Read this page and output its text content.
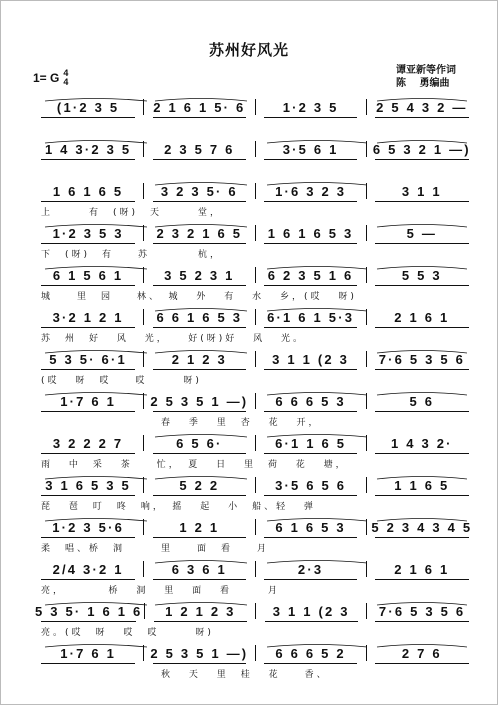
苏州好风光
1= G 4
4
谭亚新等作词
陈　 勇编曲
(1·2 3 5	2 1 6 1 5· 6	1·2 3 5	2 5 4 3 2 —
1 4 3·2 3 5	2 3 5 7 6	3·5 6 1	6 5 3 2 1 —)
1 6 1 6 5	3 2 3 5· 6	1·6 3 2 3	3 1 1
上　　　有　(呀)　天　　　堂，
1·2 3 5 3	2 3 2 1 6 5	1 6 1 6 5 3	5 —
下　(呀)　有　　苏　　　　杭，
6 1 5 6 1	3 5 2 3 1	6 2 3 5 1 6	5 5 3
城　　里　园　　林、　城 外 有 水 乡，(哎 呀)
3·2 1 2 1	6 6 1 6 5 3	6·1 6 1 5·3	2 1 6 1
苏　州　好 风 光，　　好(呀)好 风 光。
5 3 5· 6·1	2 1 2 3	3 1 1 (2 3	7·6 5 3 5 6
(哎 呀　哎　　哎　　　呀)
1·7 6 1	2 5 3 5 1 —)	6 6 6 5 3	5 6
　　　　　　　　　　春 季 里　杏 花 开，
3 2 2 2 7	6 5 6·	6·1 1 6 5	1 4 3 2·
雨 中　采 茶　　忙，　夏 日 里　荷 花 塘，
3 1 6 5 3 5	5 2 2	3·5 6 5 6	1 1 6 5
琵 琶　叮　咚　响，　摇 起 小　船、轻 弹
1·2 3 5·6	1 2 1	6 1 6 5 3	5 2 3 4 3 4 5
柔　唱、桥　洞　　　里　　面　看　　月
2/4 3·2 1	6 3 6 1	2·3	2 1 6 1
亮，　　　　桥 洞 里 面 看　　　月
5 3 5· 1 6 1 6	1 2 1 2 3	3 1 1 (2 3	7·6 5 3 5 6
亮。(哎　呀 哎　哎　　　呀)
1·7 6 1	2 5 3 5 1 —)	6 6 6 5 2	2 7 6
　　　　　　　　　　秋 天 里　桂 花　　香、
